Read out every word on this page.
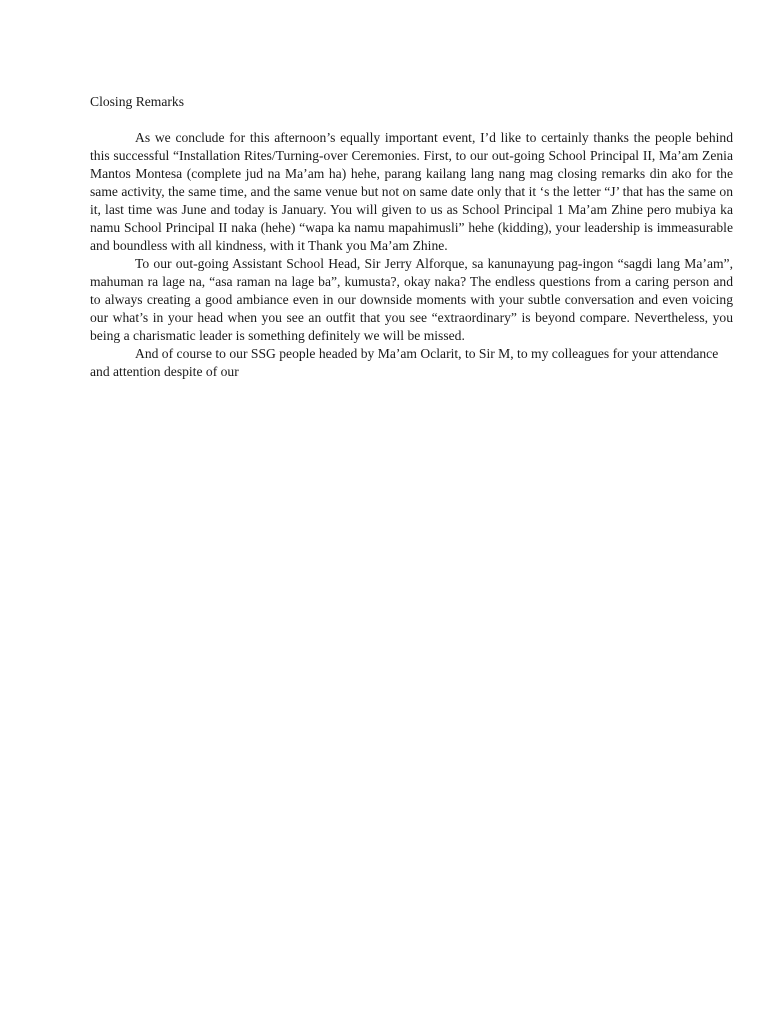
Closing Remarks

As we conclude for this afternoon’s equally important event, I’d like to certainly thanks the people behind this successful “Installation Rites/Turning-over Ceremonies. First, to our out-going School Principal II, Ma’am Zenia Mantos Montesa (complete jud na Ma’am ha) hehe, parang kailang lang nang mag closing remarks din ako for the same activity, the same time, and the same venue but not on same date only that it ‘s the letter “J’ that has the same on it, last time was June and today is January. You will given to us as School Principal 1 Ma’am Zhine pero mubiya ka namu School Principal II naka (hehe) “wapa ka namu mapahimusli” hehe (kidding), your leadership is immeasurable and boundless with all kindness, with it Thank you Ma’am Zhine.

To our out-going Assistant School Head, Sir Jerry Alforque, sa kanunayung pag-ingon “sagdi lang Ma’am”, mahuman ra lage na, “asa raman na lage ba”, kumusta?, okay naka? The endless questions from a caring person and to always creating a good ambiance even in our downside moments with your subtle conversation and even voicing our what’s in your head when you see an outfit that you see “extraordinary” is beyond compare. Nevertheless, you being a charismatic leader is something definitely we will be missed.

And of course to our SSG people headed by Ma’am Oclarit, to Sir M, to my colleagues for your attendance and attention despite of our
